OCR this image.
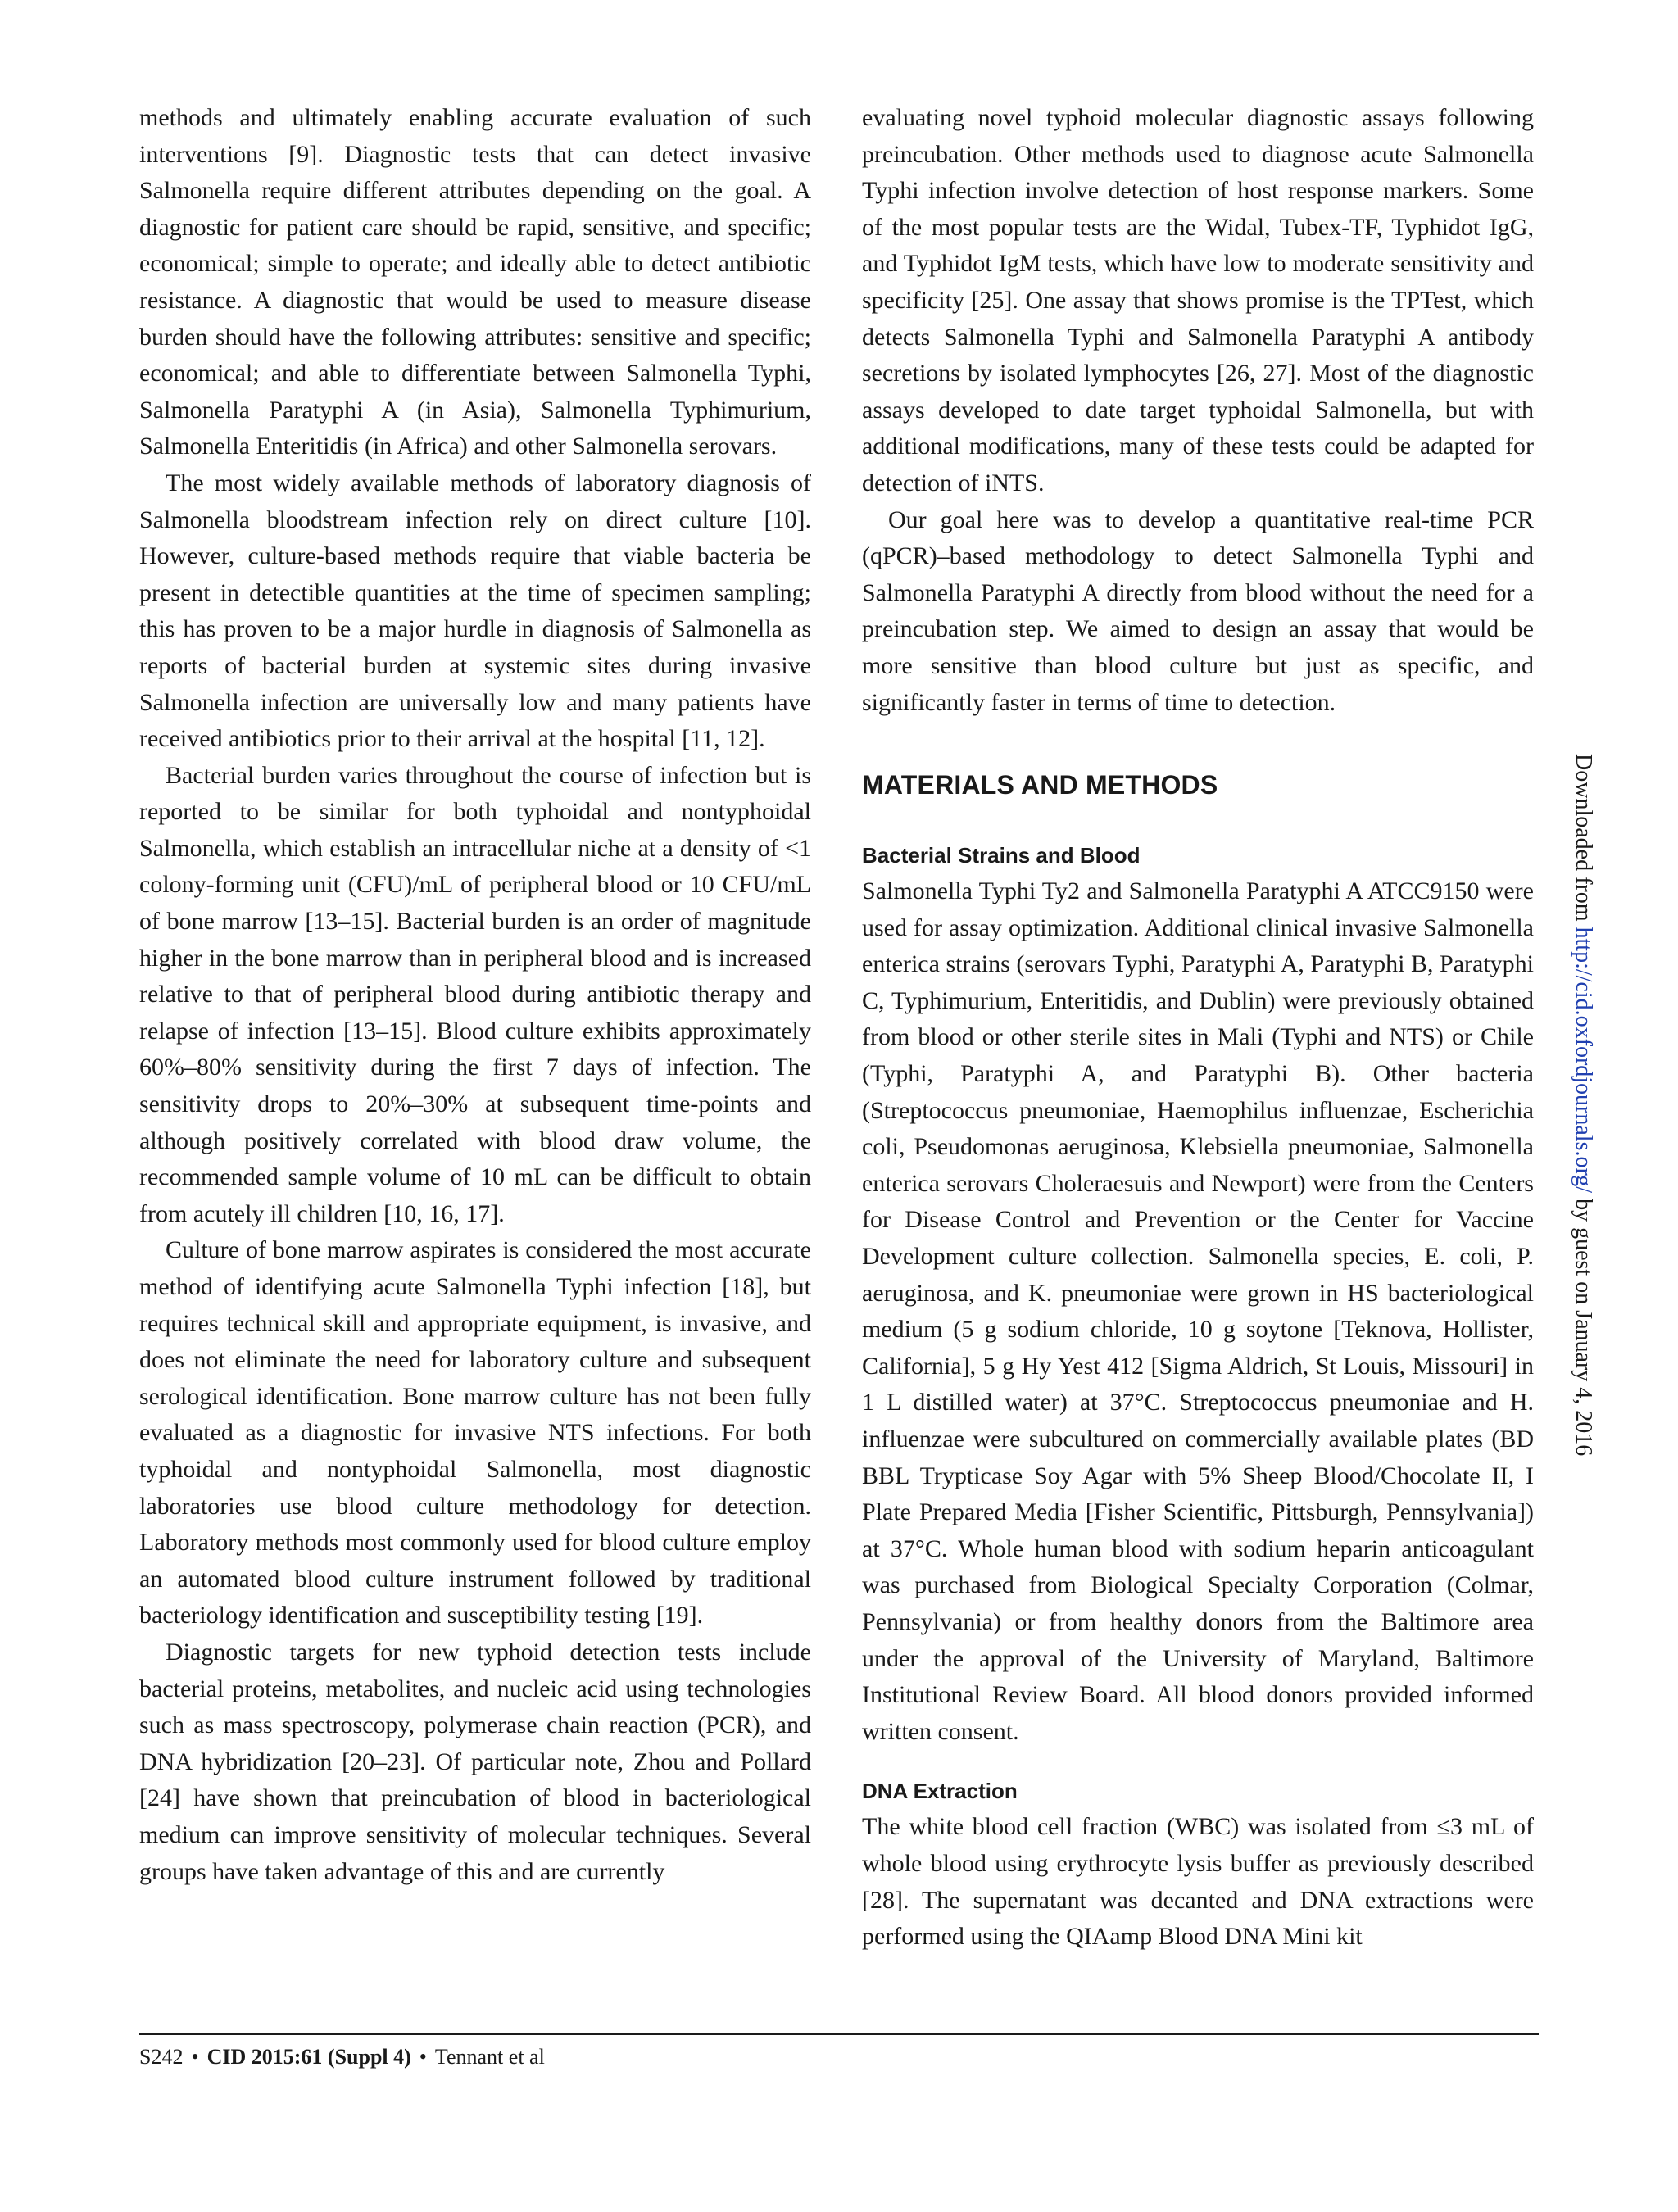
methods and ultimately enabling accurate evaluation of such interventions [9]. Diagnostic tests that can detect invasive Salmonella require different attributes depending on the goal. A diagnostic for patient care should be rapid, sensitive, and specific; economical; simple to operate; and ideally able to detect antibiotic resistance. A diagnostic that would be used to measure disease burden should have the following attributes: sensitive and specific; economical; and able to differentiate between Salmonella Typhi, Salmonella Paratyphi A (in Asia), Salmonella Typhimurium, Salmonella Enteritidis (in Africa) and other Salmonella serovars.

The most widely available methods of laboratory diagnosis of Salmonella bloodstream infection rely on direct culture [10]. However, culture-based methods require that viable bacteria be present in detectible quantities at the time of specimen sampling; this has proven to be a major hurdle in diagnosis of Salmonella as reports of bacterial burden at systemic sites during invasive Salmonella infection are universally low and many patients have received antibiotics prior to their arrival at the hospital [11, 12].

Bacterial burden varies throughout the course of infection but is reported to be similar for both typhoidal and nontyphoidal Salmonella, which establish an intracellular niche at a density of <1 colony-forming unit (CFU)/mL of peripheral blood or 10 CFU/mL of bone marrow [13–15]. Bacterial burden is an order of magnitude higher in the bone marrow than in peripheral blood and is increased relative to that of peripheral blood during antibiotic therapy and relapse of infection [13–15]. Blood culture exhibits approximately 60%–80% sensitivity during the first 7 days of infection. The sensitivity drops to 20%–30% at subsequent time-points and although positively correlated with blood draw volume, the recommended sample volume of 10 mL can be difficult to obtain from acutely ill children [10, 16, 17].

Culture of bone marrow aspirates is considered the most accurate method of identifying acute Salmonella Typhi infection [18], but requires technical skill and appropriate equipment, is invasive, and does not eliminate the need for laboratory culture and subsequent serological identification. Bone marrow culture has not been fully evaluated as a diagnostic for invasive NTS infections. For both typhoidal and nontyphoidal Salmonella, most diagnostic laboratories use blood culture methodology for detection. Laboratory methods most commonly used for blood culture employ an automated blood culture instrument followed by traditional bacteriology identification and susceptibility testing [19].

Diagnostic targets for new typhoid detection tests include bacterial proteins, metabolites, and nucleic acid using technologies such as mass spectroscopy, polymerase chain reaction (PCR), and DNA hybridization [20–23]. Of particular note, Zhou and Pollard [24] have shown that preincubation of blood in bacteriological medium can improve sensitivity of molecular techniques. Several groups have taken advantage of this and are currently

evaluating novel typhoid molecular diagnostic assays following preincubation. Other methods used to diagnose acute Salmonella Typhi infection involve detection of host response markers. Some of the most popular tests are the Widal, Tubex-TF, Typhidot IgG, and Typhidot IgM tests, which have low to moderate sensitivity and specificity [25]. One assay that shows promise is the TPTest, which detects Salmonella Typhi and Salmonella Paratyphi A antibody secretions by isolated lymphocytes [26, 27]. Most of the diagnostic assays developed to date target typhoidal Salmonella, but with additional modifications, many of these tests could be adapted for detection of iNTS.

Our goal here was to develop a quantitative real-time PCR (qPCR)–based methodology to detect Salmonella Typhi and Salmonella Paratyphi A directly from blood without the need for a preincubation step. We aimed to design an assay that would be more sensitive than blood culture but just as specific, and significantly faster in terms of time to detection.

MATERIALS AND METHODS
Bacterial Strains and Blood

Salmonella Typhi Ty2 and Salmonella Paratyphi A ATCC9150 were used for assay optimization. Additional clinical invasive Salmonella enterica strains (serovars Typhi, Paratyphi A, Paratyphi B, Paratyphi C, Typhimurium, Enteritidis, and Dublin) were previously obtained from blood or other sterile sites in Mali (Typhi and NTS) or Chile (Typhi, Paratyphi A, and Paratyphi B). Other bacteria (Streptococcus pneumoniae, Haemophilus influenzae, Escherichia coli, Pseudomonas aeruginosa, Klebsiella pneumoniae, Salmonella enterica serovars Choleraesuis and Newport) were from the Centers for Disease Control and Prevention or the Center for Vaccine Development culture collection. Salmonella species, E. coli, P. aeruginosa, and K. pneumoniae were grown in HS bacteriological medium (5 g sodium chloride, 10 g soytone [Teknova, Hollister, California], 5 g Hy Yest 412 [Sigma Aldrich, St Louis, Missouri] in 1 L distilled water) at 37°C. Streptococcus pneumoniae and H. influenzae were subcultured on commercially available plates (BD BBL Trypticase Soy Agar with 5% Sheep Blood/Chocolate II, I Plate Prepared Media [Fisher Scientific, Pittsburgh, Pennsylvania]) at 37°C. Whole human blood with sodium heparin anticoagulant was purchased from Biological Specialty Corporation (Colmar, Pennsylvania) or from healthy donors from the Baltimore area under the approval of the University of Maryland, Baltimore Institutional Review Board. All blood donors provided informed written consent.

DNA Extraction

The white blood cell fraction (WBC) was isolated from ≤3 mL of whole blood using erythrocyte lysis buffer as previously described [28]. The supernatant was decanted and DNA extractions were performed using the QIAamp Blood DNA Mini kit

S242 • CID 2015:61 (Suppl 4) • Tennant et al
Downloaded from http://cid.oxfordjournals.org/ by guest on January 4, 2016
